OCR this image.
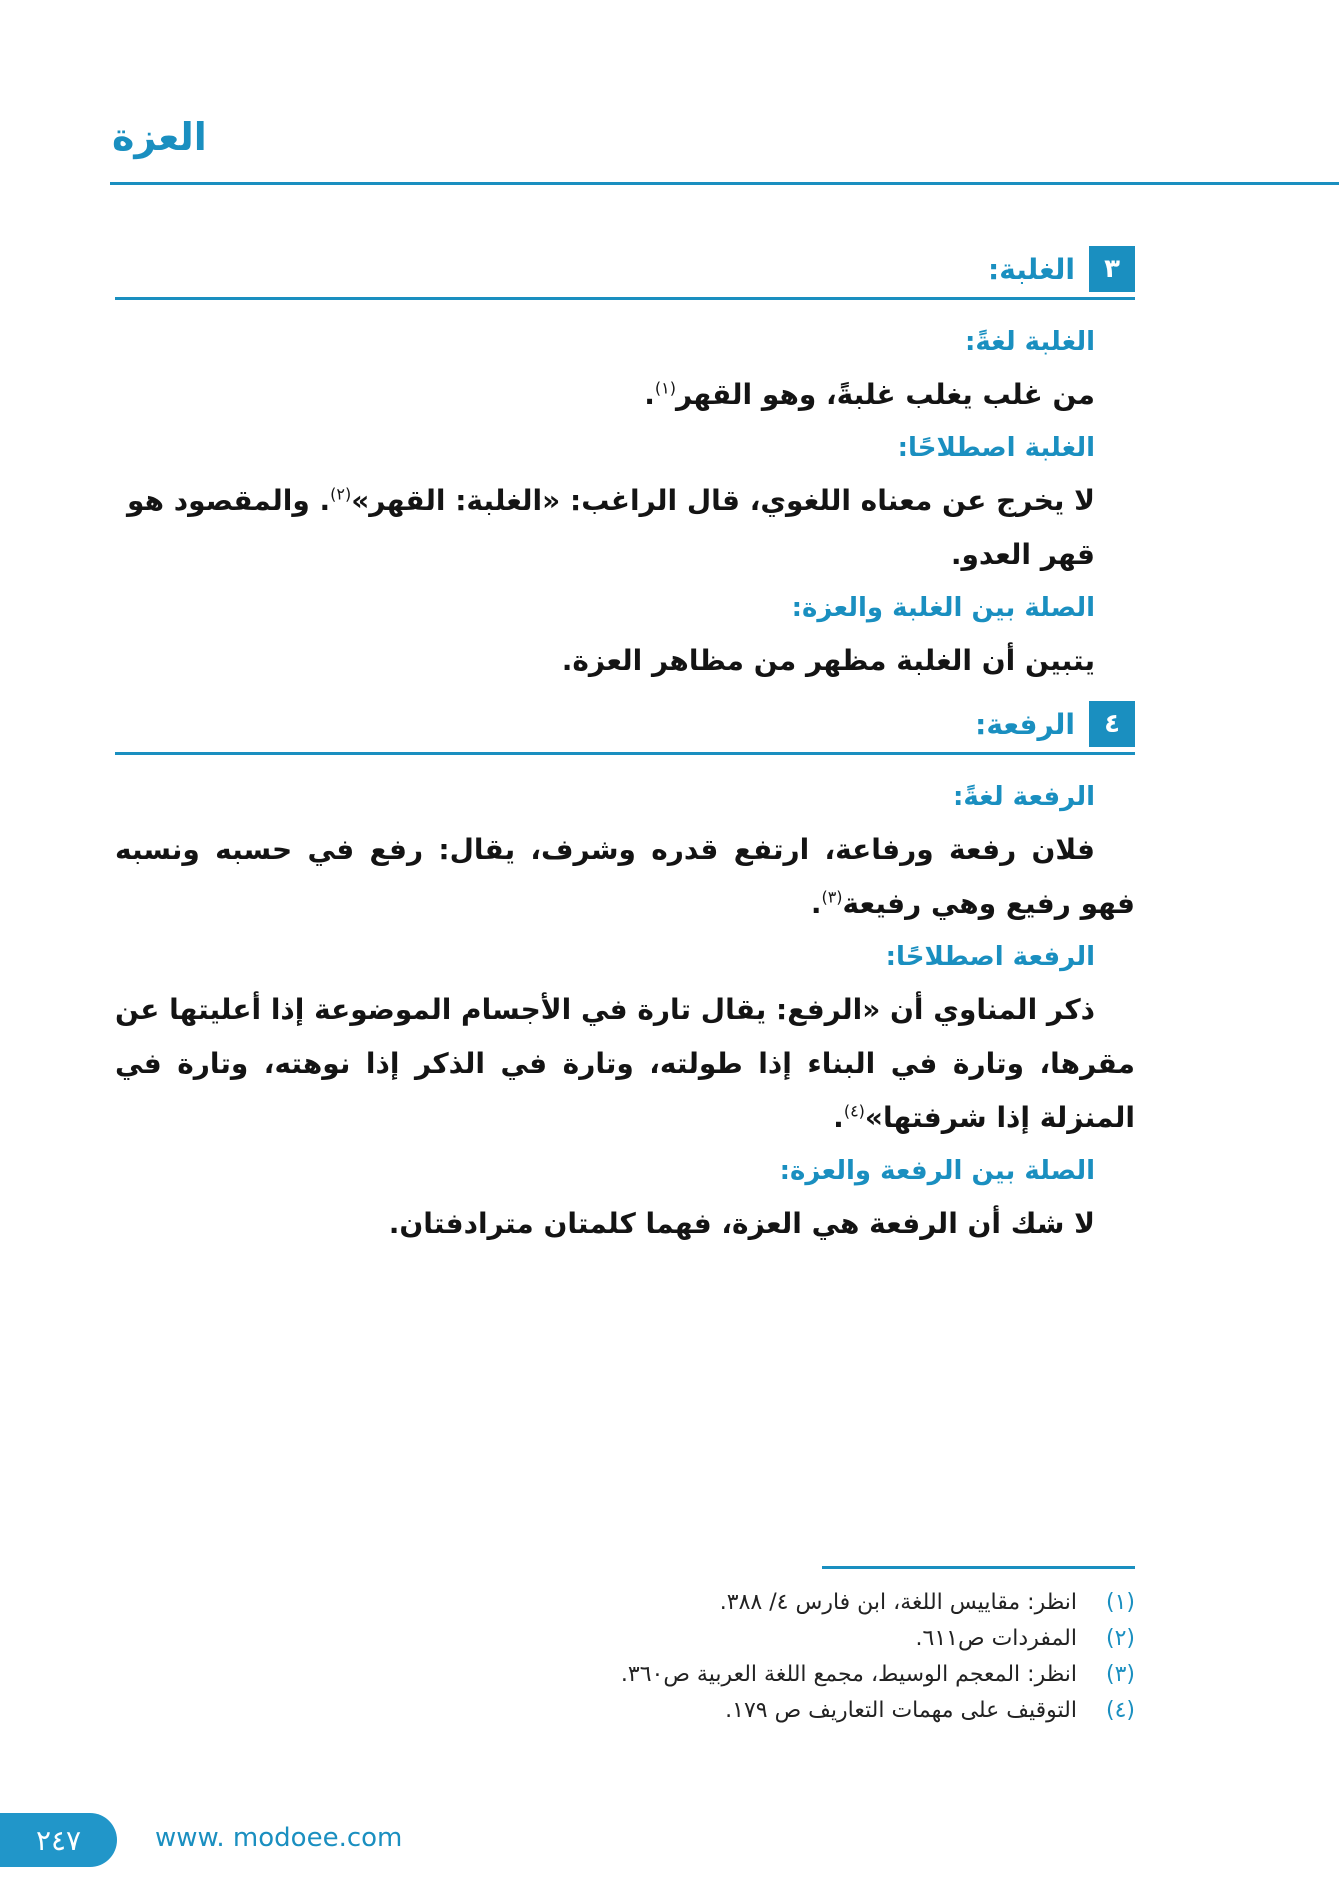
العزة
٣
الغلبة:
الغلبة لغةً:
من غلب يغلب غلبةً، وهو القهر$^{(١)}$.
الغلبة اصطلاحًا:
لا يخرج عن معناه اللغوي، قال الراغب: «الغلبة: القهر»$^{(٢)}$. والمقصود هو قهر العدو.
الصلة بين الغلبة والعزة:
يتبين أن الغلبة مظهر من مظاهر العزة.
٤
الرفعة:
الرفعة لغةً:
فلان رفعة ورفاعة، ارتفع قدره وشرف، يقال: رفع في حسبه ونسبه فهو رفيع وهي رفيعة$^{(٣)}$.
الرفعة اصطلاحًا:
ذكر المناوي أن «الرفع: يقال تارة في الأجسام الموضوعة إذا أعليتها عن مقرها، وتارة في البناء إذا طولته، وتارة في الذكر إذا نوهته، وتارة في المنزلة إذا شرفتها»$^{(٤)}$.
الصلة بين الرفعة والعزة:
لا شك أن الرفعة هي العزة، فهما كلمتان مترادفتان.
(١)
انظر: مقاييس اللغة، ابن فارس ٤/ ٣٨٨.
(٢)
المفردات ص٦١١.
(٣)
انظر: المعجم الوسيط، مجمع اللغة العربية ص٣٦٠.
(٤)
التوقيف على مهمات التعاريف ص ١٧٩.
٢٤٧	www. modoee.com
